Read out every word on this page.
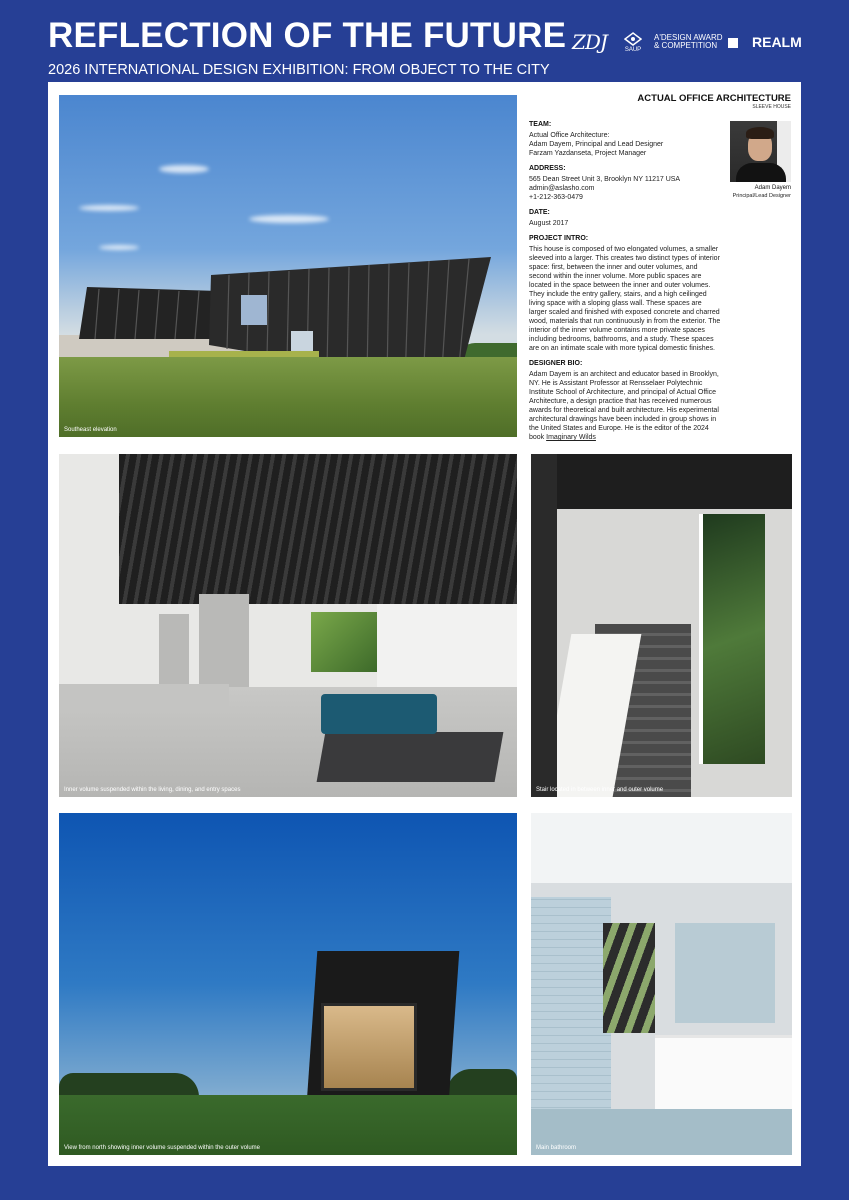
REFLECTION OF THE FUTURE
2026 INTERNATIONAL DESIGN EXHIBITION: FROM OBJECT TO THE CITY
ZDJ	SAUP
A'DESIGN AWARD
& COMPETITION	REALM
Southeast elevation
ACTUAL OFFICE ARCHITECTURE
SLEEVE HOUSE
TEAM:

Actual Office Architecture:

Adam Dayem, Principal and Lead Designer

Farzam Yazdanseta, Project Manager

ADDRESS:

565 Dean Street Unit 3, Brooklyn NY 11217 USA

admin@aslasho.com

+1-212-363-0479

DATE:

August 2017

PROJECT INTRO:

This house is composed of two elongated volumes, a smaller sleeved into a larger. This creates two distinct types of interior space: first, between the inner and outer volumes, and second within the inner volume. More public spaces are located in the space between the inner and outer volumes. They include the entry gallery, stairs, and a high ceilinged living space with a sloping glass wall. These spaces are larger scaled and finished with exposed concrete and charred wood, materials that run continuously in from the exterior. The interior of the inner volume contains more private spaces including bedrooms, bathrooms, and a study. These spaces are on an intimate scale with more typical domestic finishes.

DESIGNER BIO:

Adam Dayem is an architect and educator based in Brooklyn, NY. He is Assistant Professor at Rensselaer Polytechnic Institute School of Architecture, and principal of Actual Office Architecture, a design practice that has received numerous awards for theoretical and built architecture. His experimental architectural drawings have been included in group shows in the United States and Europe. He is the editor of the 2024 book Imaginary Wilds

Adam Dayem
Principal/Lead Designer
Inner volume suspended within the living, dining, and entry spaces	Stair located in between inner and outer volume
View from north showing inner volume suspended within the outer volume	Main bathroom
